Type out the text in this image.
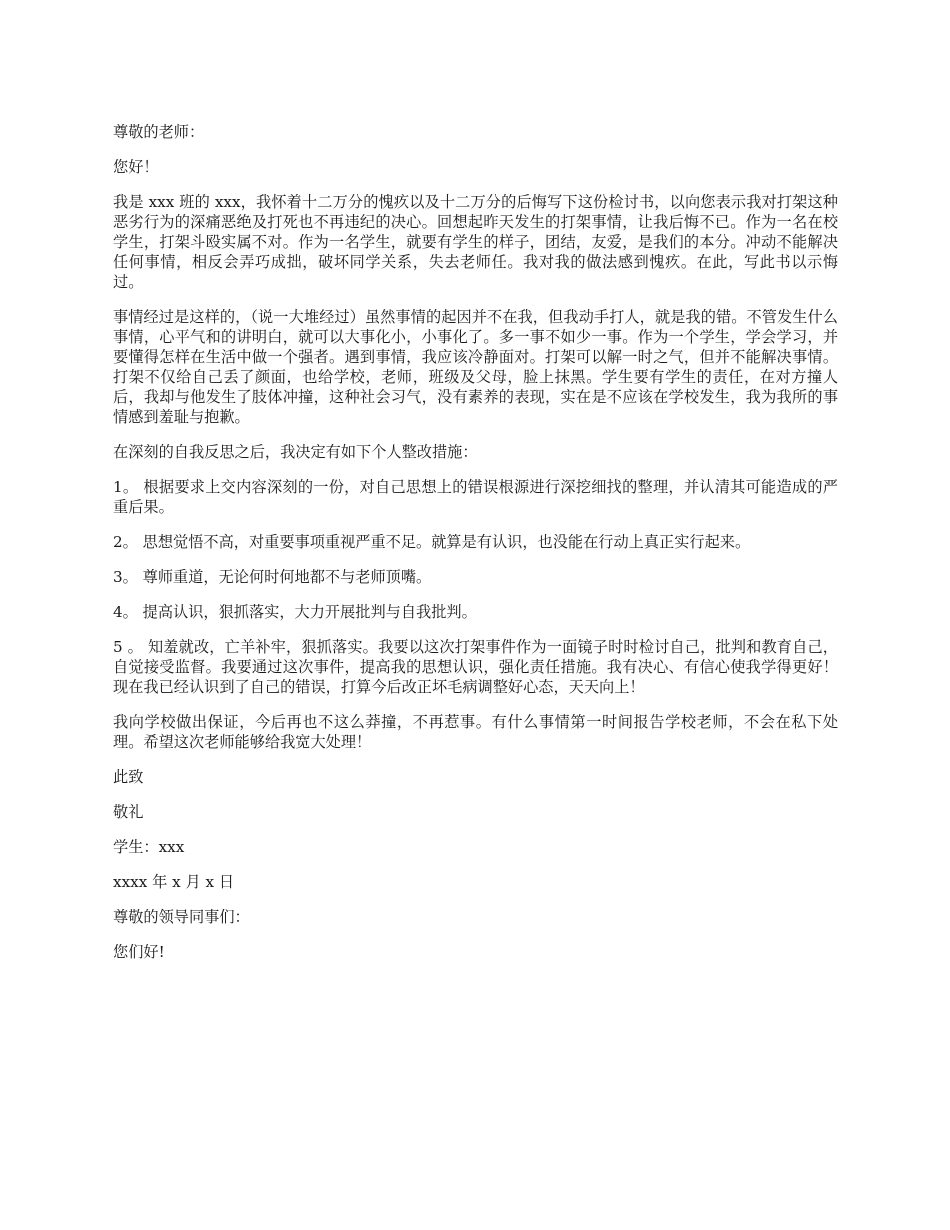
尊敬的老师：

您好！

我是 xxx 班的 xxx，我怀着十二万分的愧疚以及十二万分的后悔写下这份检讨书，以向您表示我对打架这种恶劣行为的深痛恶绝及打死也不再违纪的决心。回想起昨天发生的打架事情，让我后悔不已。作为一名在校学生，打架斗殴实属不对。作为一名学生，就要有学生的样子，团结，友爱，是我们的本分。冲动不能解决任何事情，相反会弄巧成拙，破坏同学关系，失去老师任。我对我的做法感到愧疚。在此，写此书以示悔过。

事情经过是这样的，（说一大堆经过）虽然事情的起因并不在我，但我动手打人，就是我的错。不管发生什么事情，心平气和的讲明白，就可以大事化小，小事化了。多一事不如少一事。作为一个学生，学会学习，并要懂得怎样在生活中做一个强者。遇到事情，我应该冷静面对。打架可以解一时之气，但并不能解决事情。打架不仅给自己丢了颜面，也给学校，老师，班级及父母，脸上抹黑。学生要有学生的责任，在对方撞人后，我却与他发生了肢体冲撞，这种社会习气，没有素养的表现，实在是不应该在学校发生，我为我所的事情感到羞耻与抱歉。

在深刻的自我反思之后，我决定有如下个人整改措施：

1。 根据要求上交内容深刻的一份，对自己思想上的错误根源进行深挖细找的整理，并认清其可能造成的严重后果。

2。 思想觉悟不高，对重要事项重视严重不足。就算是有认识，也没能在行动上真正实行起来。

3。 尊师重道，无论何时何地都不与老师顶嘴。

4。 提高认识，狠抓落实，大力开展批判与自我批判。

5 。 知羞就改，亡羊补牢，狠抓落实。我要以这次打架事件作为一面镜子时时检讨自己，批判和教育自己，自觉接受监督。我要通过这次事件，提高我的思想认识，强化责任措施。我有决心、有信心使我学得更好！ 现在我已经认识到了自己的错误，打算今后改正坏毛病调整好心态，天天向上！

我向学校做出保证，今后再也不这么莽撞，不再惹事。有什么事情第一时间报告学校老师，不会在私下处理。希望这次老师能够给我宽大处理！

此致

敬礼

学生：xxx

xxxx 年 x 月 x 日

尊敬的领导同事们：

您们好!
